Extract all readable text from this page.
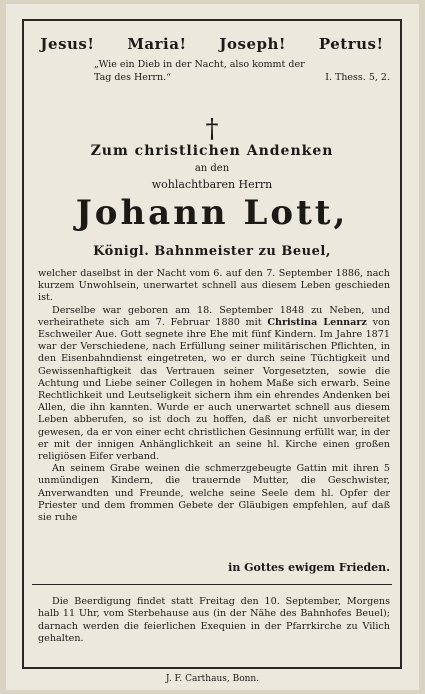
Jesus! Maria! Joseph! Petrus!
„Wie ein Dieb in der Nacht, also kommt der
Tag des Herrn.“	I. Thess. 5, 2.
†
Zum christlichen Andenken
an den
wohlachtbaren Herrn
Johann Lott,
Königl. Bahnmeister zu Beuel,

welcher daselbst in der Nacht vom 6. auf den 7. September 1886, nach kurzem Unwohlsein, unerwartet schnell aus diesem Leben geschieden ist.

Derselbe war geboren am 18. September 1848 zu Neben, und verheirathete sich am 7. Februar 1880 mit Christina Lennarz von Eschweiler Aue. Gott segnete ihre Ehe mit fünf Kindern. Im Jahre 1871 war der Verschiedene, nach Erfüllung seiner militärischen Pflichten, in den Eisenbahndienst eingetreten, wo er durch seine Tüchtigkeit und Gewissenhaftigkeit das Vertrauen seiner Vorgesetzten, sowie die Achtung und Liebe seiner Collegen in hohem Maße sich erwarb. Seine Rechtlichkeit und Leutseligkeit sichern ihm ein ehrendes Andenken bei Allen, die ihn kannten. Wurde er auch unerwartet schnell aus diesem Leben abberufen, so ist doch zu hoffen, daß er nicht unvorbereitet gewesen, da er von einer echt christlichen Gesinnung erfüllt war, in der er mit der innigen Anhänglichkeit an seine hl. Kirche einen großen religiösen Eifer verband.

An seinem Grabe weinen die schmerzgebeugte Gattin mit ihren 5 unmündigen Kindern, die trauernde Mutter, die Geschwister, Anverwandten und Freunde, welche seine Seele dem hl. Opfer der Priester und dem frommen Gebete der Gläubigen empfehlen, auf daß sie ruhe

in Gottes ewigem Frieden.

Die Beerdigung findet statt Freitag den 10. September, Morgens halb 11 Uhr, vom Sterbehause aus (in der Nähe des Bahnhofes Beuel); darnach werden die feierlichen Exequien in der Pfarrkirche zu Vilich gehalten.

J. F. Carthaus, Bonn.
